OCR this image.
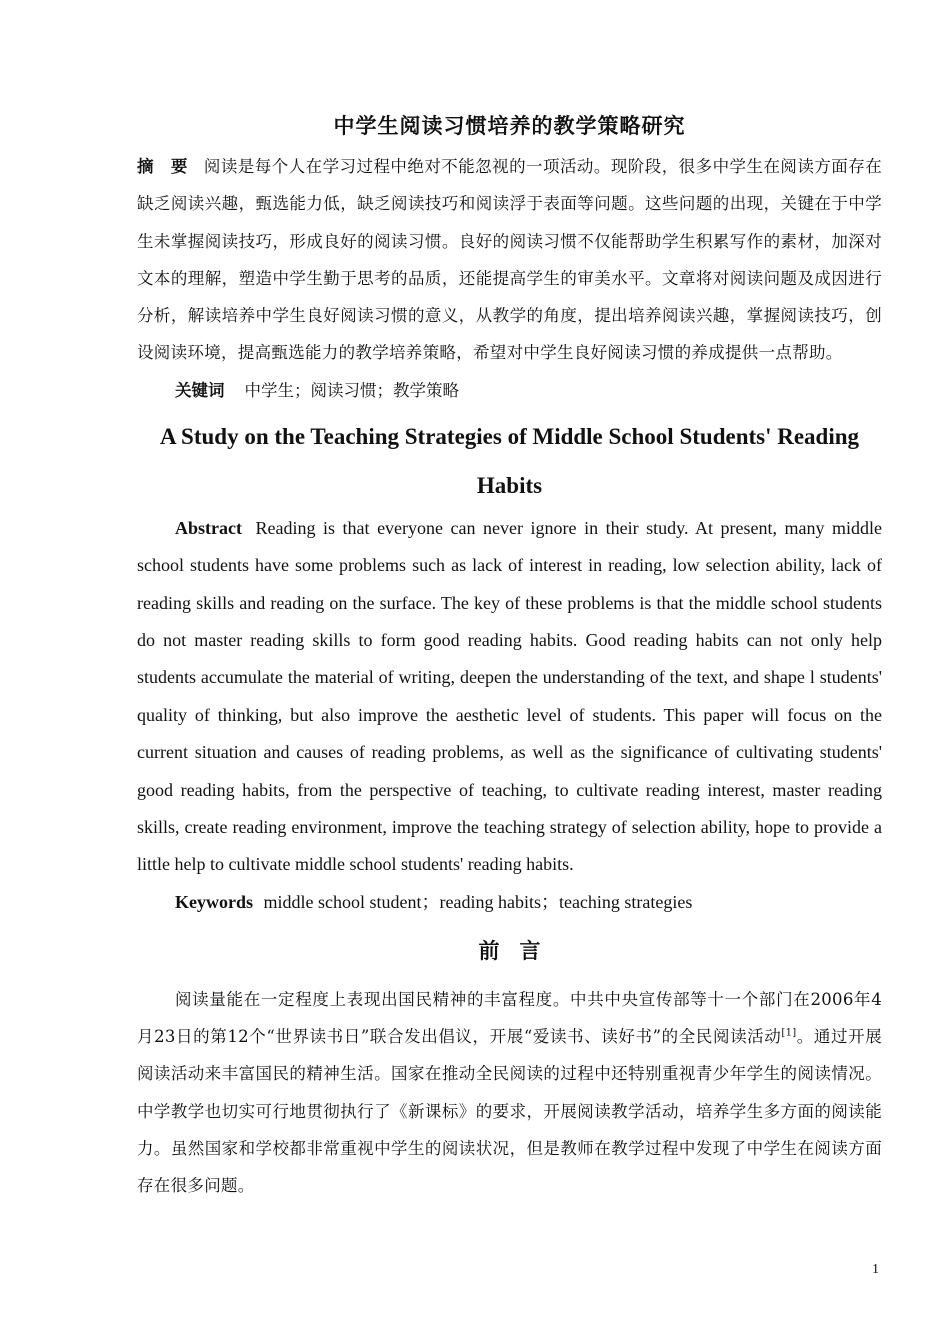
中学生阅读习惯培养的教学策略研究

摘　要 阅读是每个人在学习过程中绝对不能忽视的一项活动。现阶段，很多中学生在阅读方面存在缺乏阅读兴趣，甄选能力低，缺乏阅读技巧和阅读浮于表面等问题。这些问题的出现，关键在于中学生未掌握阅读技巧，形成良好的阅读习惯。良好的阅读习惯不仅能帮助学生积累写作的素材，加深对文本的理解，塑造中学生勤于思考的品质，还能提高学生的审美水平。文章将对阅读问题及成因进行分析，解读培养中学生良好阅读习惯的意义，从教学的角度，提出培养阅读兴趣，掌握阅读技巧，创设阅读环境，提高甄选能力的教学培养策略，希望对中学生良好阅读习惯的养成提供一点帮助。

关键词 中学生；阅读习惯；教学策略

A Study on the Teaching Strategies of Middle School Students' Reading Habits

Abstract Reading is that everyone can never ignore in their study. At present, many middle school students have some problems such as lack of interest in reading, low selection ability, lack of reading skills and reading on the surface. The key of these problems is that the middle school students do not master reading skills to form good reading habits. Good reading habits can not only help students accumulate the material of writing, deepen the understanding of the text, and shape l students' quality of thinking, but also improve the aesthetic level of students. This paper will focus on the current situation and causes of reading problems, as well as the significance of cultivating students' good reading habits, from the perspective of teaching, to cultivate reading interest, master reading skills, create reading environment, improve the teaching strategy of selection ability, hope to provide a little help to cultivate middle school students' reading habits.

Keywords middle school student；reading habits；teaching strategies

前言

阅读量能在一定程度上表现出国民精神的丰富程度。中共中央宣传部等十一个部门在2006年4月23日的第12个“世界读书日”联合发出倡议，开展“爱读书、读好书”的全民阅读活动[1]。通过开展阅读活动来丰富国民的精神生活。国家在推动全民阅读的过程中还特别重视青少年学生的阅读情况。中学教学也切实可行地贯彻执行了《新课标》的要求，开展阅读教学活动，培养学生多方面的阅读能力。虽然国家和学校都非常重视中学生的阅读状况，但是教师在教学过程中发现了中学生在阅读方面存在很多问题。

1
